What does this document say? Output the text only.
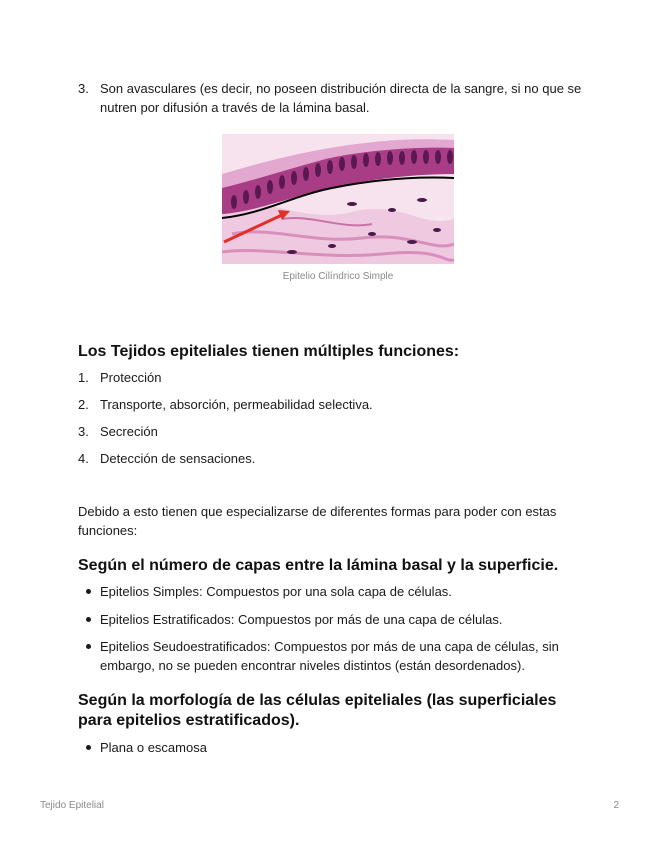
3. Son avasculares (es decir, no poseen distribución directa de la sangre, si no que se nutren por difusión a través de la lámina basal.
Epitelio Cilíndrico Simple
Los Tejidos epiteliales tienen múltiples funciones:
1. Protección
2. Transporte, absorción, permeabilidad selectiva.
3. Secreción
4. Detección de sensaciones.

Debido a esto tienen que especializarse de diferentes formas para poder con estas funciones:

Según el número de capas entre la lámina basal y la superficie.
Epitelios Simples: Compuestos por una sola capa de células.
Epitelios Estratificados: Compuestos por más de una capa de células.
Epitelios Seudoestratificados: Compuestos por más de una capa de células, sin embargo, no se pueden encontrar niveles distintos (están desordenados).
Según la morfología de las células epiteliales (las superficiales para epitelios estratificados).
Plana o escamosa
Tejido Epitelial	2
